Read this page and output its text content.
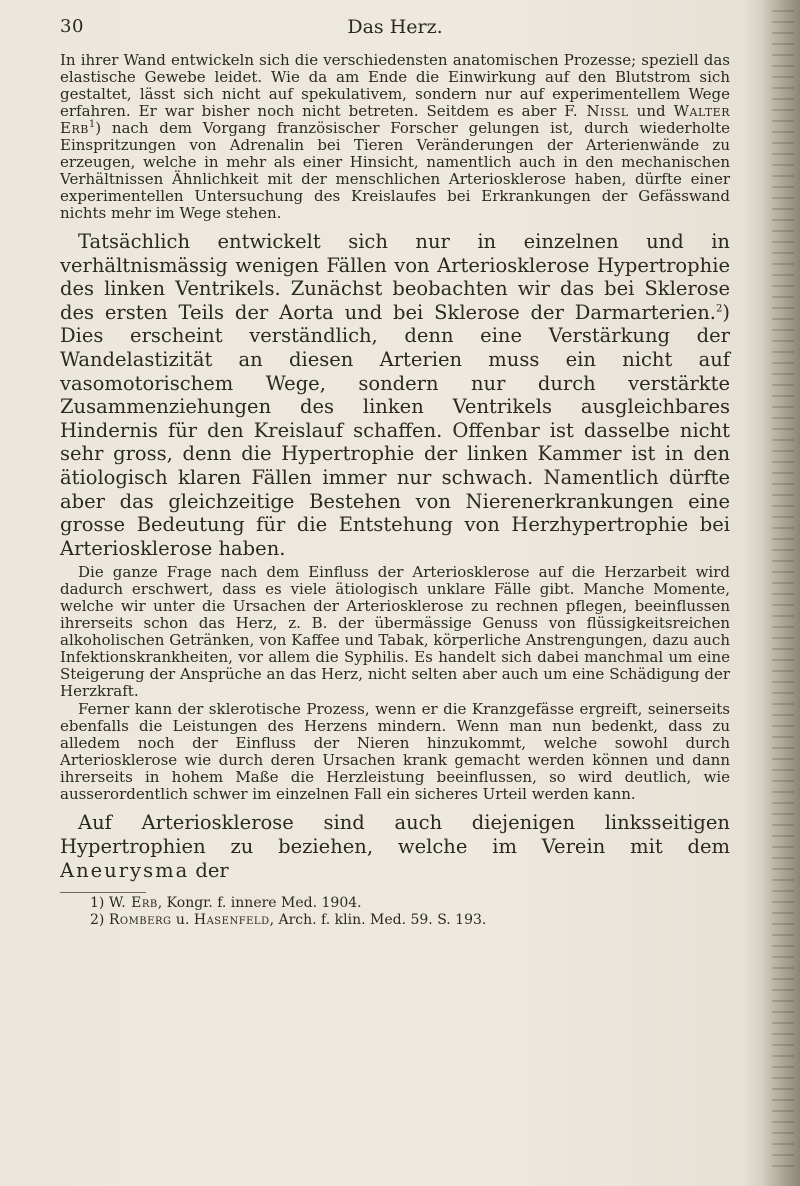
30	Das Herz.

In ihrer Wand entwickeln sich die verschiedensten anatomischen Prozesse; speziell das elastische Gewebe leidet. Wie da am Ende die Einwirkung auf den Blutstrom sich gestaltet, lässt sich nicht auf spekulativem, sondern nur auf experimentellem Wege erfahren. Er war bisher noch nicht betreten. Seitdem es aber F. Nissl und Walter Erb$^1$) nach dem Vorgang französischer Forscher gelungen ist, durch wiederholte Einspritzungen von Adrenalin bei Tieren Veränderungen der Arterienwände zu erzeugen, welche in mehr als einer Hinsicht, namentlich auch in den mechanischen Verhältnissen Ähnlichkeit mit der menschlichen Arteriosklerose haben, dürfte einer experimentellen Untersuchung des Kreislaufes bei Erkrankungen der Gefässwand nichts mehr im Wege stehen.

Tatsächlich entwickelt sich nur in einzelnen und in verhältnismässig wenigen Fällen von Arteriosklerose Hypertrophie des linken Ventrikels. Zunächst beobachten wir das bei Sklerose des ersten Teils der Aorta und bei Sklerose der Darmarterien.$^2$) Dies erscheint verständlich, denn eine Verstärkung der Wandelastizität an diesen Arterien muss ein nicht auf vasomotorischem Wege, sondern nur durch verstärkte Zusammenziehungen des linken Ventrikels ausgleichbares Hindernis für den Kreislauf schaffen. Offenbar ist dasselbe nicht sehr gross, denn die Hypertrophie der linken Kammer ist in den ätiologisch klaren Fällen immer nur schwach. Namentlich dürfte aber das gleichzeitige Bestehen von Nierenerkrankungen eine grosse Bedeutung für die Entstehung von Herzhypertrophie bei Arteriosklerose haben.

Die ganze Frage nach dem Einfluss der Arteriosklerose auf die Herzarbeit wird dadurch erschwert, dass es viele ätiologisch unklare Fälle gibt. Manche Momente, welche wir unter die Ursachen der Arteriosklerose zu rechnen pflegen, beeinflussen ihrerseits schon das Herz, z. B. der übermässige Genuss von flüssigkeitsreichen alkoholischen Getränken, von Kaffee und Tabak, körperliche Anstrengungen, dazu auch Infektionskrankheiten, vor allem die Syphilis. Es handelt sich dabei manchmal um eine Steigerung der Ansprüche an das Herz, nicht selten aber auch um eine Schädigung der Herzkraft.

Ferner kann der sklerotische Prozess, wenn er die Kranzgefässe ergreift, seinerseits ebenfalls die Leistungen des Herzens mindern. Wenn man nun bedenkt, dass zu alledem noch der Einfluss der Nieren hinzukommt, welche sowohl durch Arteriosklerose wie durch deren Ursachen krank gemacht werden können und dann ihrerseits in hohem Maße die Herzleistung beeinflussen, so wird deutlich, wie ausserordentlich schwer im einzelnen Fall ein sicheres Urteil werden kann.

Auf Arteriosklerose sind auch diejenigen linksseitigen Hypertrophien zu beziehen, welche im Verein mit dem Aneurysma der

1) W. Erb, Kongr. f. innere Med. 1904.

2) Romberg u. Hasenfeld, Arch. f. klin. Med. 59. S. 193.
